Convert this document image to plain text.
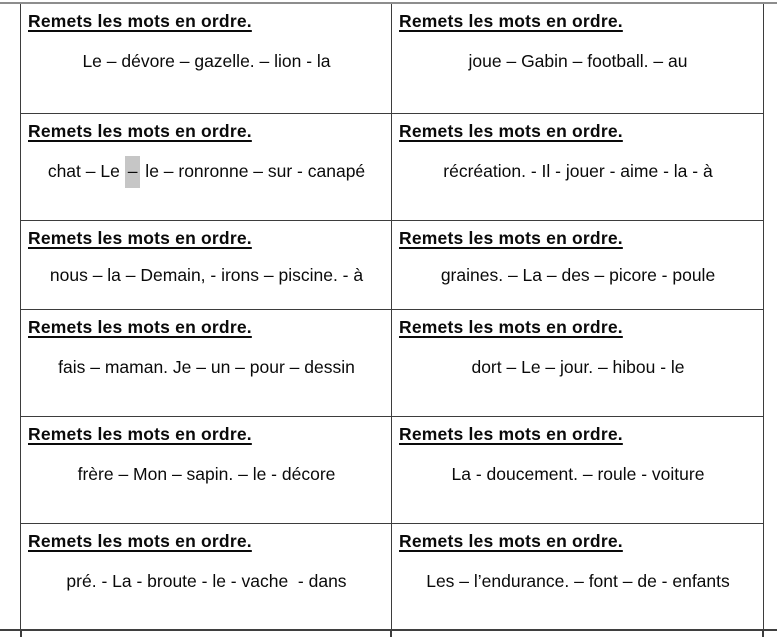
Remets les mots en ordre.
Le – dévore – gazelle. – lion - la
Remets les mots en ordre.
joue – Gabin – football. – au
Remets les mots en ordre.
chat – Le – le – ronronne – sur - canapé
Remets les mots en ordre.
récréation. - Il - jouer - aime - la - à
Remets les mots en ordre.
nous – la – Demain, - irons – piscine. - à
Remets les mots en ordre.
graines. – La – des – picore - poule
Remets les mots en ordre.
fais – maman. Je – un – pour – dessin
Remets les mots en ordre.
dort – Le – jour. – hibou - le
Remets les mots en ordre.
frère – Mon – sapin. – le - décore
Remets les mots en ordre.
La - doucement. – roule - voiture
Remets les mots en ordre.
pré. - La - broute - le - vache  - dans
Remets les mots en ordre.
Les – l’endurance. – font – de - enfants
